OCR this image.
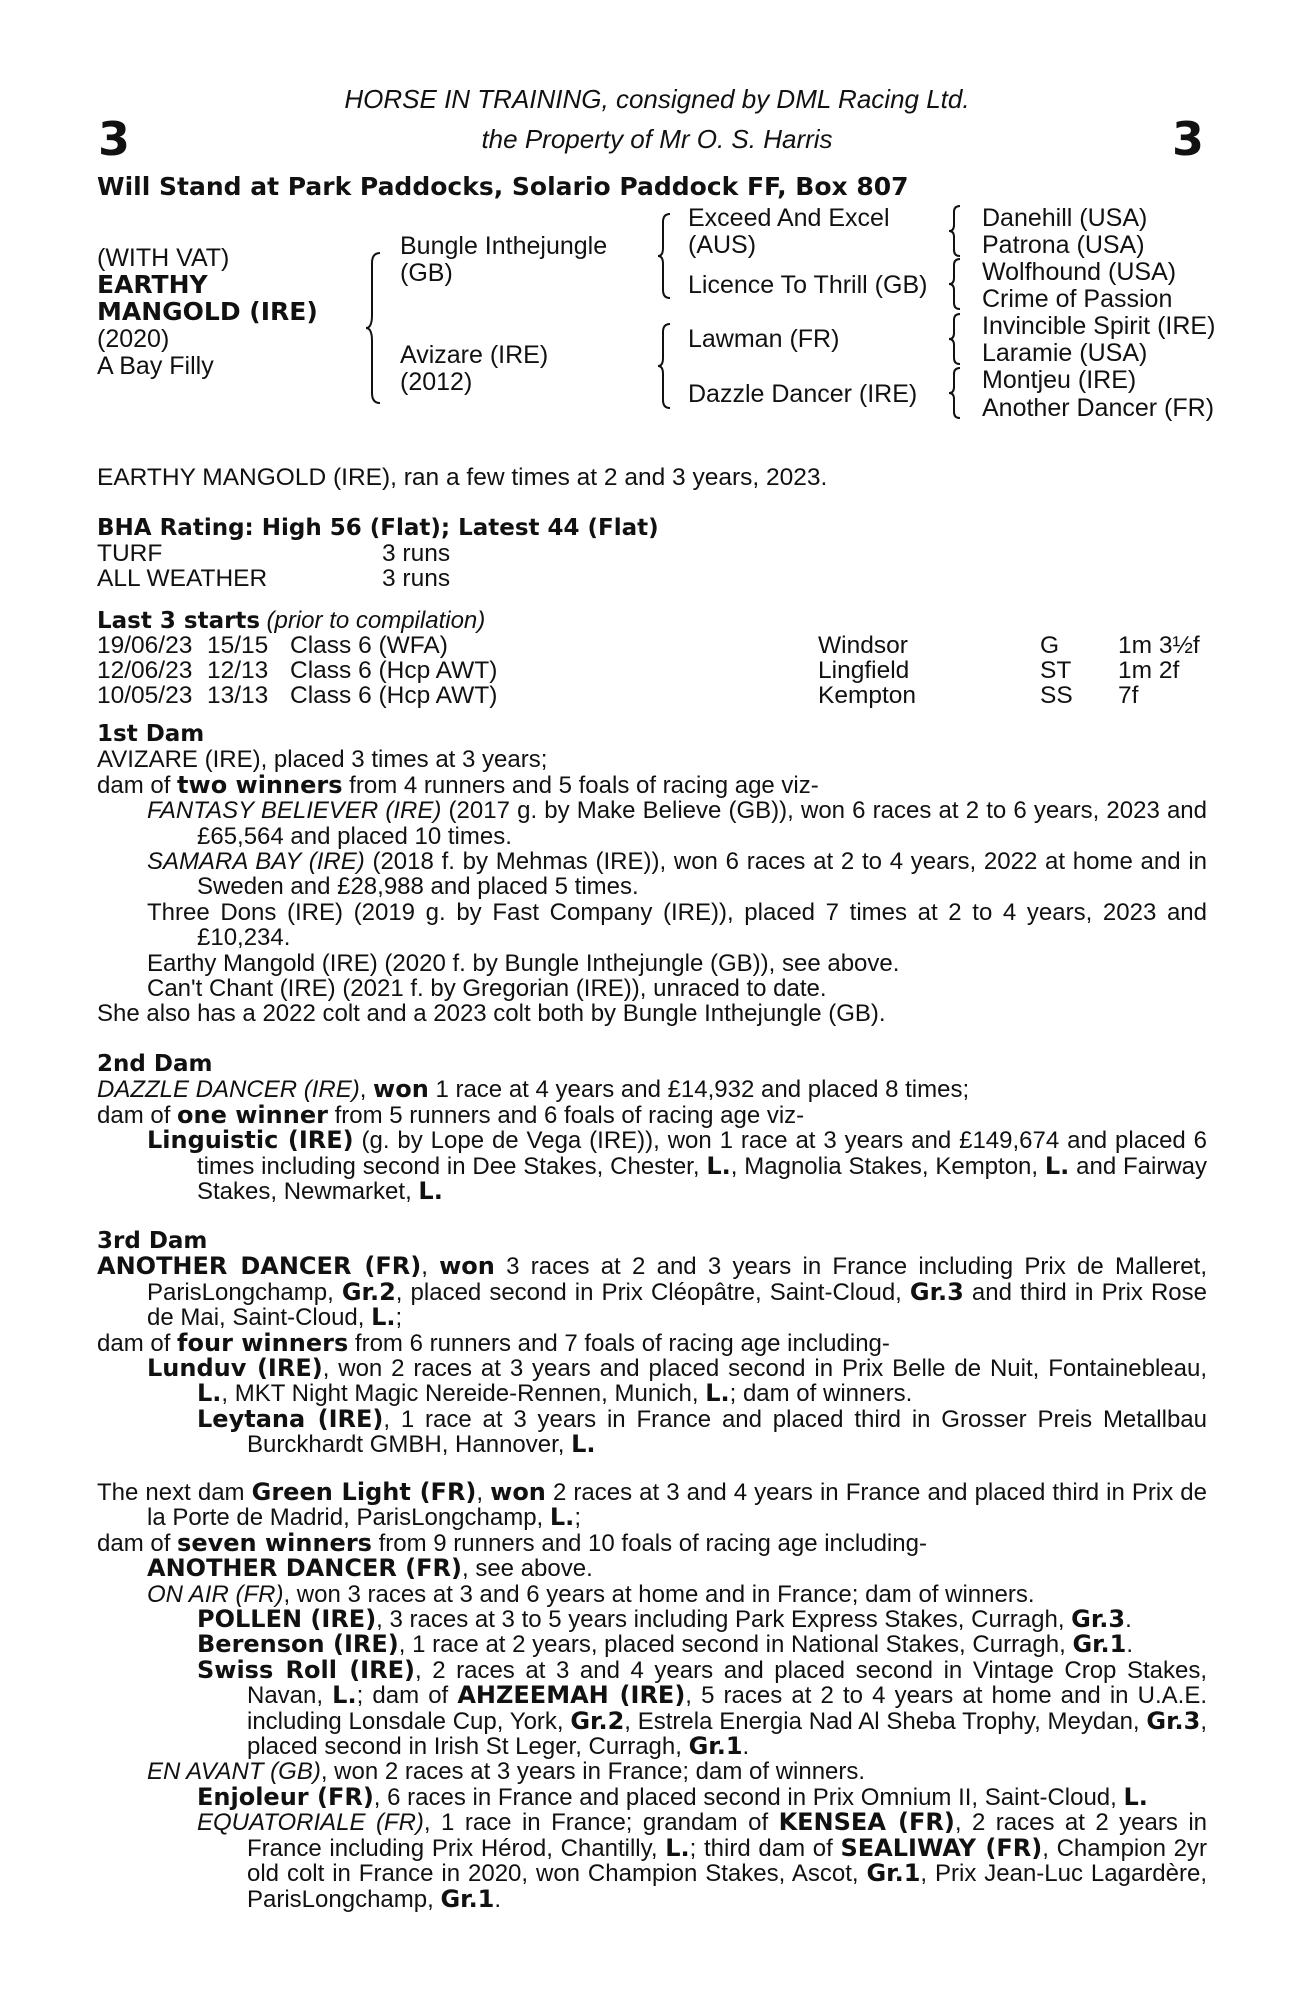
3	3
HORSE IN TRAINING, consigned by DML Racing Ltd.
the Property of Mr O. S. Harris
Will Stand at Park Paddocks, Solario Paddock FF, Box 807
(WITH VAT)
EARTHY
MANGOLD (IRE)
(2020)
A Bay Filly
Bungle Inthejungle
(GB)
Avizare (IRE)
(2012)
Exceed And Excel
(AUS)
Licence To Thrill (GB)
Lawman (FR)
Dazzle Dancer (IRE)
Danehill (USA)
Patrona (USA)
Wolfhound (USA)
Crime of Passion
Invincible Spirit (IRE)
Laramie (USA)
Montjeu (IRE)
Another Dancer (FR)
EARTHY MANGOLD (IRE), ran a few times at 2 and 3 years, 2023.
BHA Rating: High 56 (Flat); Latest 44 (Flat)
TURF	3 runs
ALL WEATHER	3 runs
Last 3 starts (prior to compilation)
19/06/23 15/15 Class 6 (WFA)	Windsor	G 1m 3½f
12/06/23 12/13 Class 6 (Hcp AWT)	Lingfield	ST 1m 2f
10/05/23 13/13 Class 6 (Hcp AWT)	Kempton	SS 7f

1st Dam

AVIZARE (IRE), placed 3 times at 3 years;

dam of two winners from 4 runners and 5 foals of racing age viz-

FANTASY BELIEVER (IRE) (2017 g. by Make Believe (GB)), won 6 races at 2 to 6 years, 2023 and £65,564 and placed 10 times.

SAMARA BAY (IRE) (2018 f. by Mehmas (IRE)), won 6 races at 2 to 4 years, 2022 at home and in Sweden and £28,988 and placed 5 times.

Three Dons (IRE) (2019 g. by Fast Company (IRE)), placed 7 times at 2 to 4 years, 2023 and £10,234.

Earthy Mangold (IRE) (2020 f. by Bungle Inthejungle (GB)), see above.

Can't Chant (IRE) (2021 f. by Gregorian (IRE)), unraced to date.

She also has a 2022 colt and a 2023 colt both by Bungle Inthejungle (GB).

2nd Dam

DAZZLE DANCER (IRE), won 1 race at 4 years and £14,932 and placed 8 times;

dam of one winner from 5 runners and 6 foals of racing age viz-

Linguistic (IRE) (g. by Lope de Vega (IRE)), won 1 race at 3 years and £149,674 and placed 6 times including second in Dee Stakes, Chester, L., Magnolia Stakes, Kempton, L. and Fairway Stakes, Newmarket, L.

3rd Dam

ANOTHER DANCER (FR), won 3 races at 2 and 3 years in France including Prix de Malleret, ParisLongchamp, Gr.2, placed second in Prix Cléopâtre, Saint-Cloud, Gr.3 and third in Prix Rose de Mai, Saint-Cloud, L.;

dam of four winners from 6 runners and 7 foals of racing age including-

Lunduv (IRE), won 2 races at 3 years and placed second in Prix Belle de Nuit, Fontainebleau, L., MKT Night Magic Nereide-Rennen, Munich, L.; dam of winners.

Leytana (IRE), 1 race at 3 years in France and placed third in Grosser Preis Metallbau Burckhardt GMBH, Hannover, L.

The next dam Green Light (FR), won 2 races at 3 and 4 years in France and placed third in Prix de la Porte de Madrid, ParisLongchamp, L.;

dam of seven winners from 9 runners and 10 foals of racing age including-

ANOTHER DANCER (FR), see above.

ON AIR (FR), won 3 races at 3 and 6 years at home and in France; dam of winners.

POLLEN (IRE), 3 races at 3 to 5 years including Park Express Stakes, Curragh, Gr.3.

Berenson (IRE), 1 race at 2 years, placed second in National Stakes, Curragh, Gr.1.

Swiss Roll (IRE), 2 races at 3 and 4 years and placed second in Vintage Crop Stakes, Navan, L.; dam of AHZEEMAH (IRE), 5 races at 2 to 4 years at home and in U.A.E. including Lonsdale Cup, York, Gr.2, Estrela Energia Nad Al Sheba Trophy, Meydan, Gr.3, placed second in Irish St Leger, Curragh, Gr.1.

EN AVANT (GB), won 2 races at 3 years in France; dam of winners.

Enjoleur (FR), 6 races in France and placed second in Prix Omnium II, Saint-Cloud, L.

EQUATORIALE (FR), 1 race in France; grandam of KENSEA (FR), 2 races at 2 years in France including Prix Hérod, Chantilly, L.; third dam of SEALIWAY (FR), Champion 2yr old colt in France in 2020, won Champion Stakes, Ascot, Gr.1, Prix Jean-Luc Lagardère, ParisLongchamp, Gr.1.
